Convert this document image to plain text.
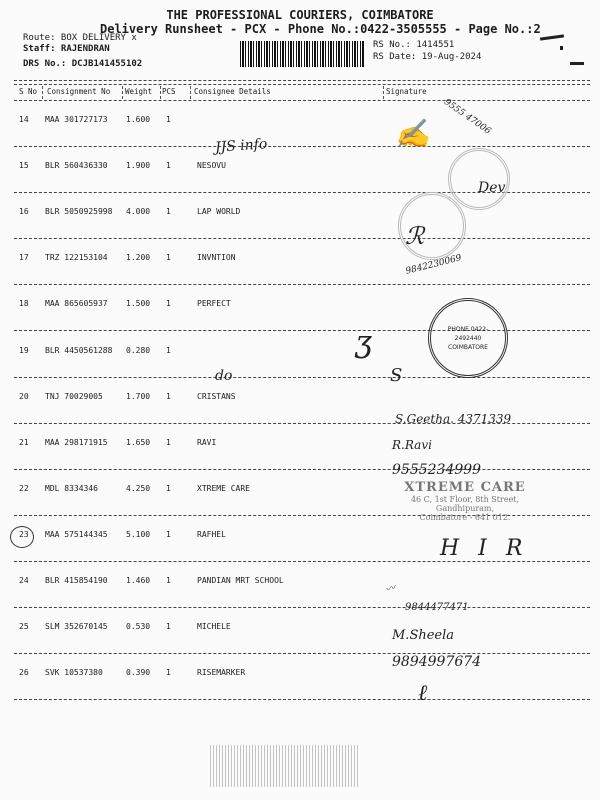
THE PROFESSIONAL COURIERS, COIMBATORE
Delivery Runsheet - PCX - Phone No.:0422-3505555 - Page No.:2
Route: BOX DELIVERY x
Staff: RAJENDRAN
DRS No.: DCJB141455102
RS No.: 1414551
RS Date: 19-Aug-2024
S No Consignment No Weight PCS Consignee Details	Signature
14 MAA 301727173 1.600 1
15 BLR 560436330 1.900 1	NESOVU
16 BLR 5050925998 4.000 1	LAP WORLD
17 TRZ 122153104 1.200 1	INVNTION
18 MAA 865605937 1.500 1	PERFECT
19 BLR 4450561288 0.280 1
20 TNJ 70029005	1.700 1	CRISTANS
21 MAA 298171915 1.650 1	RAVI
22 MDL 8334346	4.250 1	XTREME CARE
23 MAA 575144345 5.100 1	RAFHEL
24 BLR 415854190 1.460 1	PANDIAN MRT SCHOOL
25 SLM 352670145 0.530 1	MICHELE
26 SVK 10537380	0.390 1	RISEMARKER
JJS info	✍ 9555 47006
Dev
ℛ
9842230069
ʒ
S
do
S.Geetha. 4371339
R.Ravi
9555234999
H I R
〰
9844477471
M.Sheela
9894997674
ℓ
PHONE 0422-2492440
COIMBATORE
XTREME CARE
46 C, 1st Floor, 8th Street,
Gandhipuram,
Coimbatore - 641 012.
